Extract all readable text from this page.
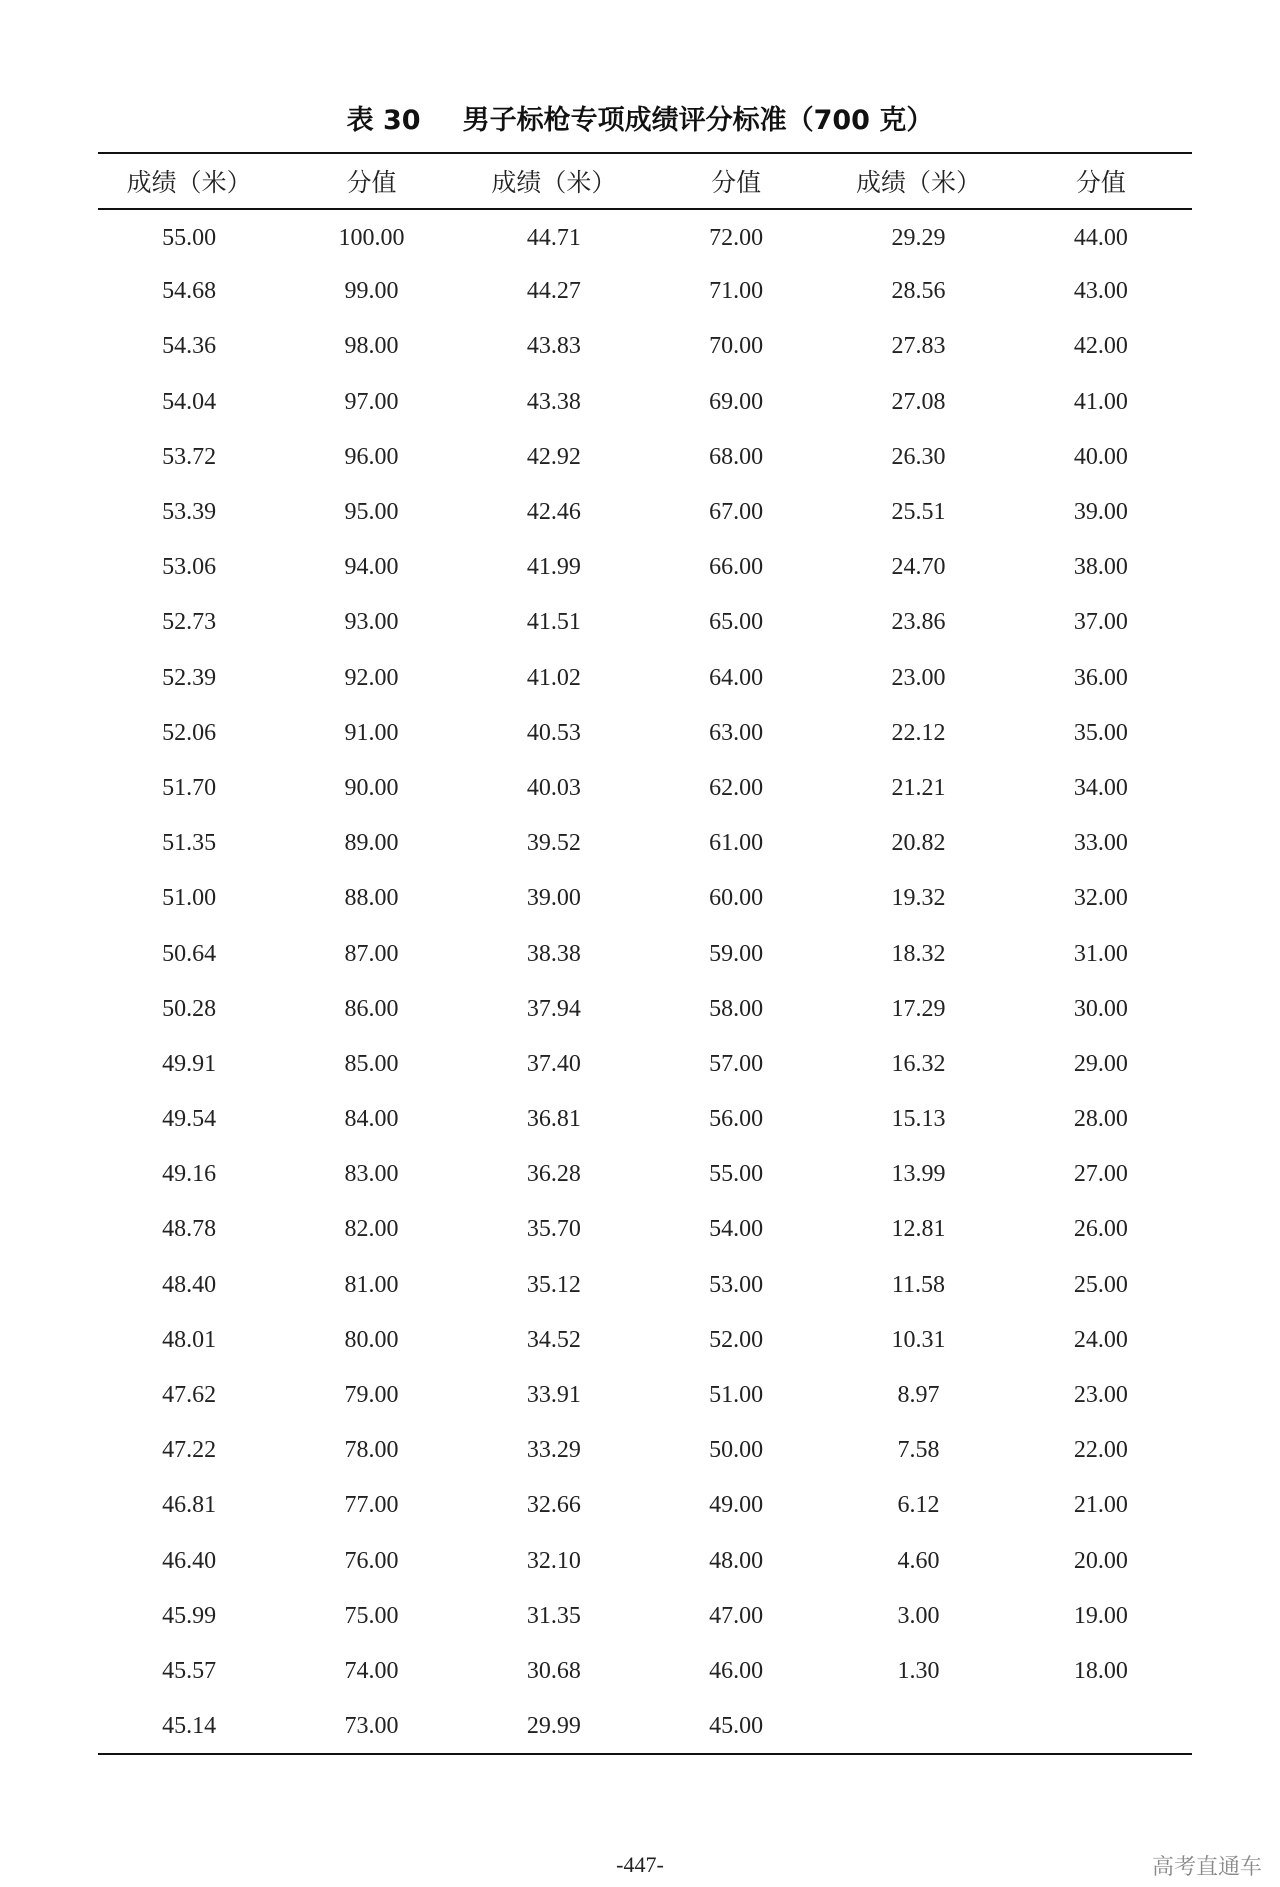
表 30 男子标枪专项成绩评分标准（700 克）
成绩（米）	分值	成绩（米）	分值	成绩（米）	分值
55.00	100.00	44.71	72.00	29.29	44.00
54.68	99.00	44.27	71.00	28.56	43.00
54.36	98.00	43.83	70.00	27.83	42.00
54.04	97.00	43.38	69.00	27.08	41.00
53.72	96.00	42.92	68.00	26.30	40.00
53.39	95.00	42.46	67.00	25.51	39.00
53.06	94.00	41.99	66.00	24.70	38.00
52.73	93.00	41.51	65.00	23.86	37.00
52.39	92.00	41.02	64.00	23.00	36.00
52.06	91.00	40.53	63.00	22.12	35.00
51.70	90.00	40.03	62.00	21.21	34.00
51.35	89.00	39.52	61.00	20.82	33.00
51.00	88.00	39.00	60.00	19.32	32.00
50.64	87.00	38.38	59.00	18.32	31.00
50.28	86.00	37.94	58.00	17.29	30.00
49.91	85.00	37.40	57.00	16.32	29.00
49.54	84.00	36.81	56.00	15.13	28.00
49.16	83.00	36.28	55.00	13.99	27.00
48.78	82.00	35.70	54.00	12.81	26.00
48.40	81.00	35.12	53.00	11.58	25.00
48.01	80.00	34.52	52.00	10.31	24.00
47.62	79.00	33.91	51.00	8.97	23.00
47.22	78.00	33.29	50.00	7.58	22.00
46.81	77.00	32.66	49.00	6.12	21.00
46.40	76.00	32.10	48.00	4.60	20.00
45.99	75.00	31.35	47.00	3.00	19.00
45.57	74.00	30.68	46.00	1.30	18.00
45.14	73.00	29.99	45.00		
-447-	高考直通车
